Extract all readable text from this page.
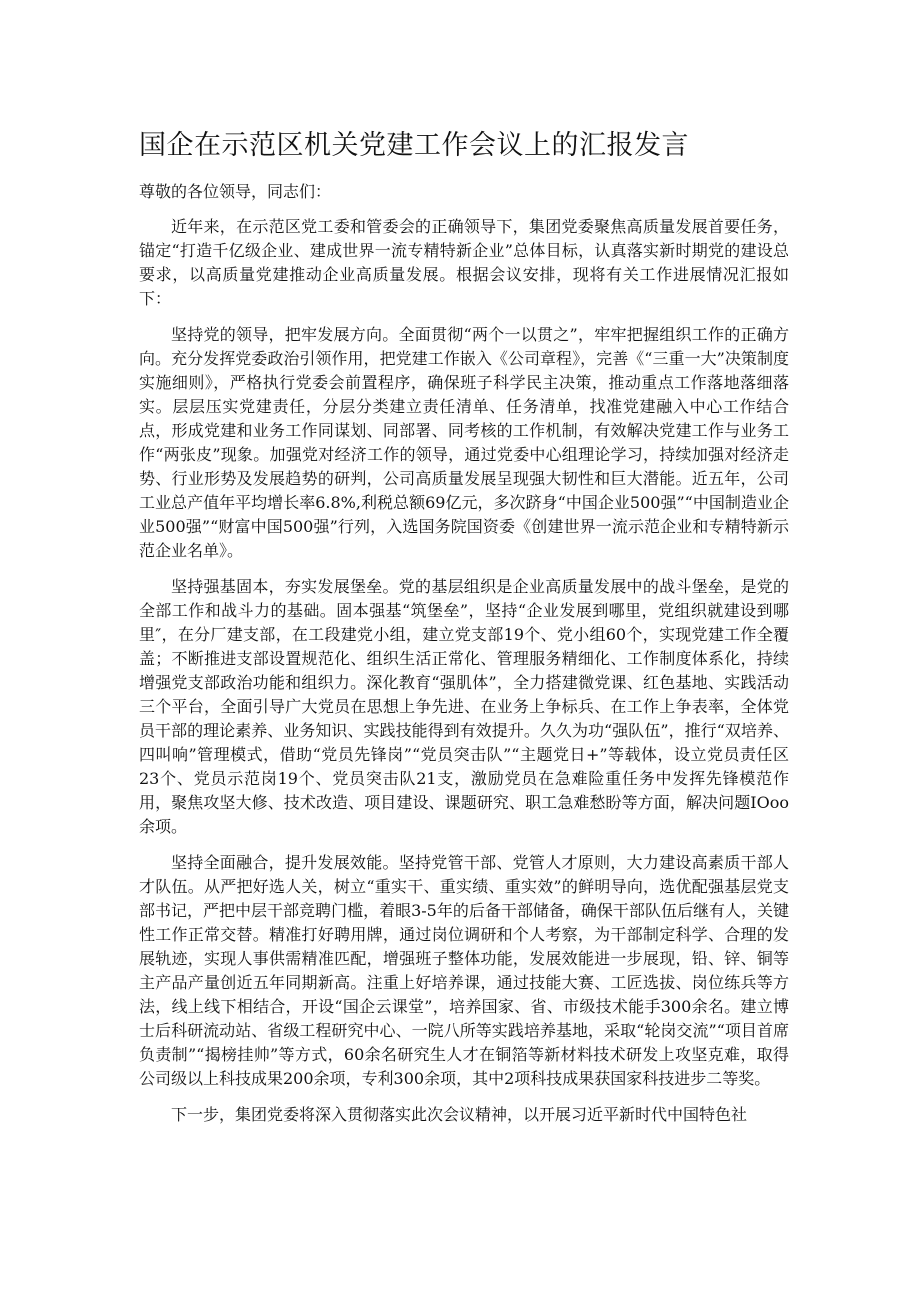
国企在示范区机关党建工作会议上的汇报发言

尊敬的各位领导，同志们：

近年来，在示范区党工委和管委会的正确领导下，集团党委聚焦高质量发展首要任务，锚定“打造千亿级企业、建成世界一流专精特新企业”总体目标，认真落实新时期党的建设总要求，以高质量党建推动企业高质量发展。根据会议安排，现将有关工作进展情况汇报如下：

坚持党的领导，把牢发展方向。全面贯彻“两个一以贯之”，牢牢把握组织工作的正确方向。充分发挥党委政治引领作用，把党建工作嵌入《公司章程》，完善《“三重一大”决策制度实施细则》，严格执行党委会前置程序，确保班子科学民主决策，推动重点工作落地落细落实。层层压实党建责任，分层分类建立责任清单、任务清单，找准党建融入中心工作结合点，形成党建和业务工作同谋划、同部署、同考核的工作机制，有效解决党建工作与业务工作“两张皮”现象。加强党对经济工作的领导，通过党委中心组理论学习，持续加强对经济走势、行业形势及发展趋势的研判，公司高质量发展呈现强大韧性和巨大潜能。近五年，公司工业总产值年平均增长率6.8%,利税总额69亿元，多次跻身“中国企业500强”“中国制造业企业500强”“财富中国500强”行列，入选国务院国资委《创建世界一流示范企业和专精特新示范企业名单》。

坚持强基固本，夯实发展堡垒。党的基层组织是企业高质量发展中的战斗堡垒，是党的全部工作和战斗力的基础。固本强基“筑堡垒”，坚持“企业发展到哪里，党组织就建设到哪里″，在分厂建支部，在工段建党小组，建立党支部19个、党小组60个，实现党建工作全覆盖；不断推进支部设置规范化、组织生活正常化、管理服务精细化、工作制度体系化，持续增强党支部政治功能和组织力。深化教育“强肌体”，全力搭建微党课、红色基地、实践活动三个平台，全面引导广大党员在思想上争先进、在业务上争标兵、在工作上争表率，全体党员干部的理论素养、业务知识、实践技能得到有效提升。久久为功“强队伍”，推行“双培养、四叫响”管理模式，借助“党员先锋岗”“党员突击队”“主题党日+”等载体，设立党员责任区23个、党员示范岗19个、党员突击队21支，激励党员在急难险重任务中发挥先锋模范作用，聚焦攻坚大修、技术改造、项目建设、课题研究、职工急难愁盼等方面，解决问题IOoo余项。

坚持全面融合，提升发展效能。坚持党管干部、党管人才原则，大力建设高素质干部人才队伍。从严把好选人关，树立“重实干、重实绩、重实效”的鲜明导向，选优配强基层党支部书记，严把中层干部竞聘门槛，着眼3-5年的后备干部储备，确保干部队伍后继有人，关键性工作正常交替。精准打好聘用牌，通过岗位调研和个人考察，为干部制定科学、合理的发展轨迹，实现人事供需精准匹配，增强班子整体功能，发展效能进一步展现，铅、锌、铜等主产品产量创近五年同期新高。注重上好培养课，通过技能大赛、工匠选拔、岗位练兵等方法，线上线下相结合，开设“国企云课堂”，培养国家、省、市级技术能手300余名。建立博士后科研流动站、省级工程研究中心、一院八所等实践培养基地，采取“轮岗交流”“项目首席负责制”“揭榜挂帅”等方式，60余名研究生人才在铜箔等新材料技术研发上攻坚克难，取得公司级以上科技成果200余项，专利300余项，其中2项科技成果获国家科技进步二等奖。

下一步，集团党委将深入贯彻落实此次会议精神，以开展习近平新时代中国特色社
